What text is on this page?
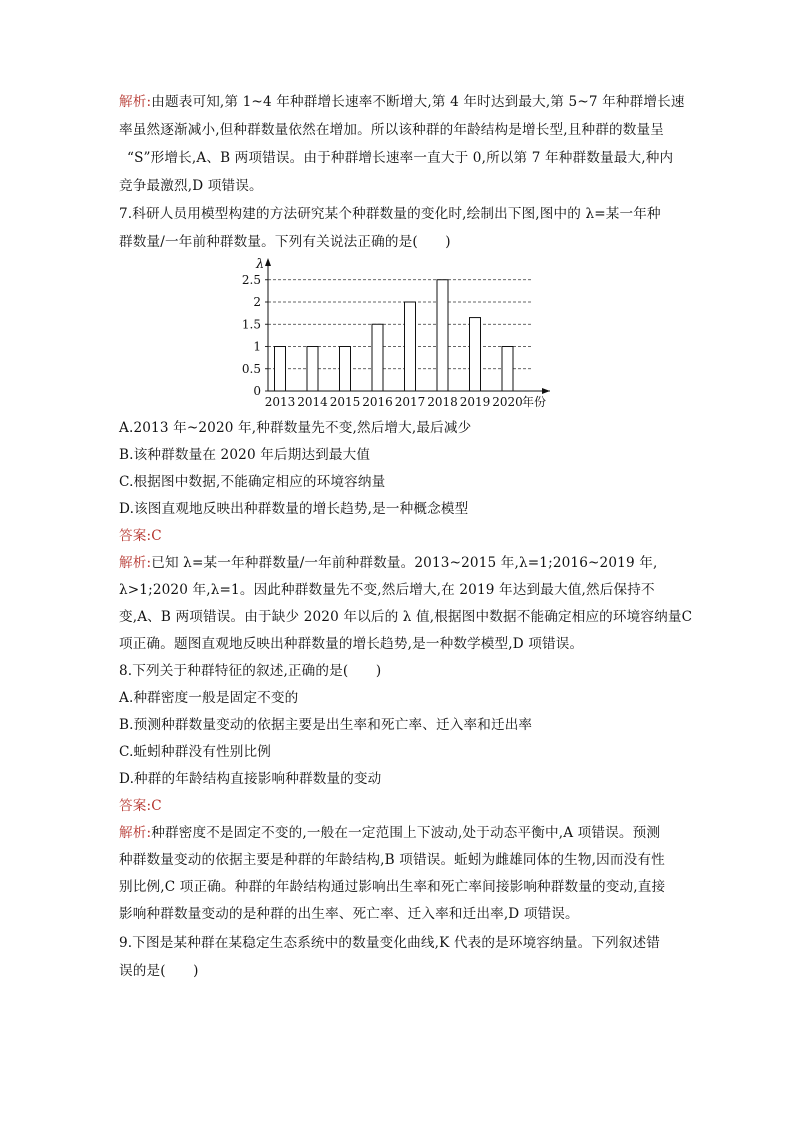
解析:由题表可知,第 1~4 年种群增长速率不断增大,第 4 年时达到最大,第 5~7 年种群增长速
率虽然逐渐减小,但种群数量依然在增加。所以该种群的年龄结构是增长型,且种群的数量呈
“S”形增长,A、B 两项错误。由于种群增长速率一直大于 0,所以第 7 年种群数量最大,种内
竞争最激烈,D 项错误。
7.科研人员用模型构建的方法研究某个种群数量的变化时,绘制出下图,图中的 λ=某一年种
群数量/一年前种群数量。下列有关说法正确的是(　　)
0
0.5
1
1.5
2
2.5
λ
2013 2014 2015 2016 2017 2018 2019 2020 年份
A.2013 年~2020 年,种群数量先不变,然后增大,最后减少
B.该种群数量在 2020 年后期达到最大值
C.根据图中数据,不能确定相应的环境容纳量
D.该图直观地反映出种群数量的增长趋势,是一种概念模型
答案:C
解析:已知 λ=某一年种群数量/一年前种群数量。2013~2015 年,λ=1;2016~2019 年,
λ>1;2020 年,λ=1。因此种群数量先不变,然后增大,在 2019 年达到最大值,然后保持不
变,A、B 两项错误。由于缺少 2020 年以后的 λ 值,根据图中数据不能确定相应的环境容纳量C
项正确。题图直观地反映出种群数量的增长趋势,是一种数学模型,D 项错误。
8.下列关于种群特征的叙述,正确的是(　　)
A.种群密度一般是固定不变的
B.预测种群数量变动的依据主要是出生率和死亡率、迁入率和迁出率
C.蚯蚓种群没有性别比例
D.种群的年龄结构直接影响种群数量的变动
答案:C
解析:种群密度不是固定不变的,一般在一定范围上下波动,处于动态平衡中,A 项错误。预测
种群数量变动的依据主要是种群的年龄结构,B 项错误。蚯蚓为雌雄同体的生物,因而没有性
别比例,C 项正确。种群的年龄结构通过影响出生率和死亡率间接影响种群数量的变动,直接
影响种群数量变动的是种群的出生率、死亡率、迁入率和迁出率,D 项错误。
9.下图是某种群在某稳定生态系统中的数量变化曲线,K 代表的是环境容纳量。下列叙述错
误的是(　　)
